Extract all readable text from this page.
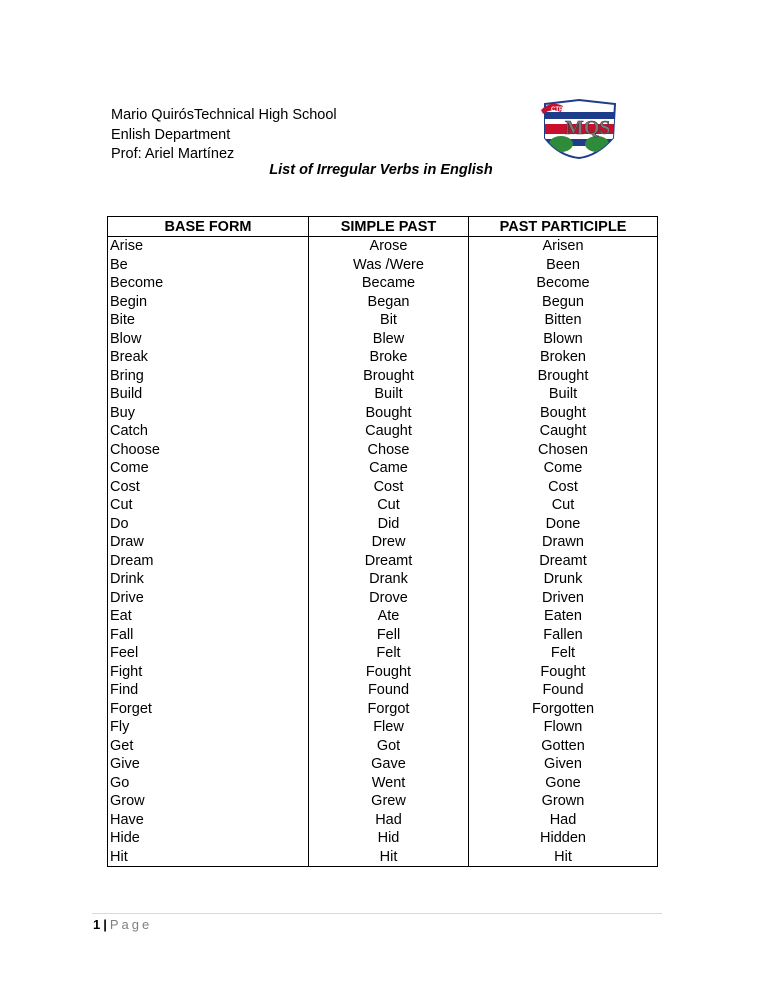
Mario QuirósTechnical High School
Enlish Department
Prof: Ariel Martínez
CTP
MQS
List of Irregular Verbs in English
BASE FORM	SIMPLE PAST	PAST PARTICIPLE
Arise	Arose	Arisen
Be	Was /Were	Been
Become	Became	Become
Begin	Began	Begun
Bite	Bit	Bitten
Blow	Blew	Blown
Break	Broke	Broken
Bring	Brought	Brought
Build	Built	Built
Buy	Bought	Bought
Catch	Caught	Caught
Choose	Chose	Chosen
Come	Came	Come
Cost	Cost	Cost
Cut	Cut	Cut
Do	Did	Done
Draw	Drew	Drawn
Dream	Dreamt	Dreamt
Drink	Drank	Drunk
Drive	Drove	Driven
Eat	Ate	Eaten
Fall	Fell	Fallen
Feel	Felt	Felt
Fight	Fought	Fought
Find	Found	Found
Forget	Forgot	Forgotten
Fly	Flew	Flown
Get	Got	Gotten
Give	Gave	Given
Go	Went	Gone
Grow	Grew	Grown
Have	Had	Had
Hide	Hid	Hidden
Hit	Hit	Hit
1 | Page
